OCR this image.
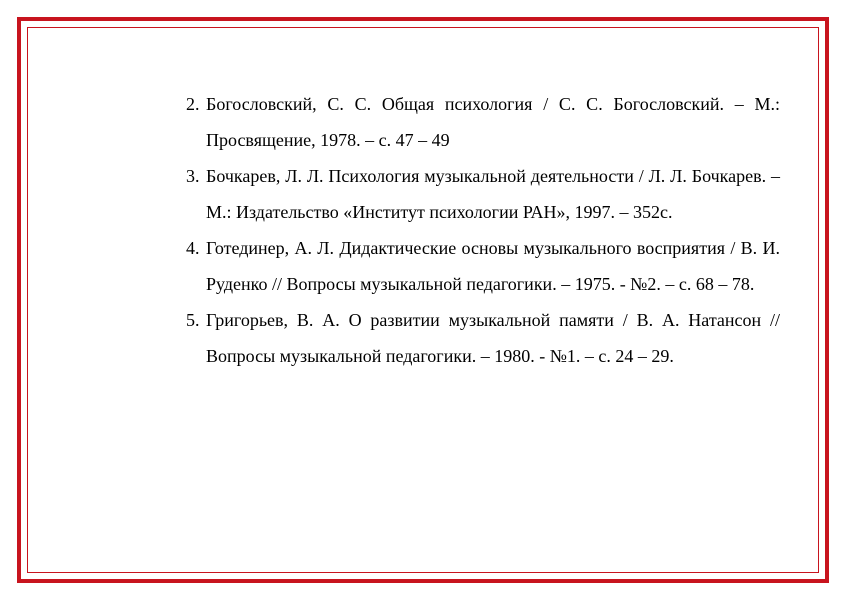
2. Богословский, С. С. Общая психология / С. С. Богословский. – М.: Просвящение, 1978. – с. 47 – 49
3. Бочкарев, Л. Л. Психология музыкальной деятельности / Л. Л. Бочкарев. – М.: Издательство «Институт психологии РАН», 1997. – 352с.
4. Готединер, А. Л. Дидактические основы музыкального восприятия / В. И. Руденко // Вопросы музыкальной педагогики. – 1975. - №2. – с. 68 – 78.
5. Григорьев, В. А. О развитии музыкальной памяти / В. А. Натансон // Вопросы музыкальной педагогики. – 1980. - №1. – с. 24 – 29.
